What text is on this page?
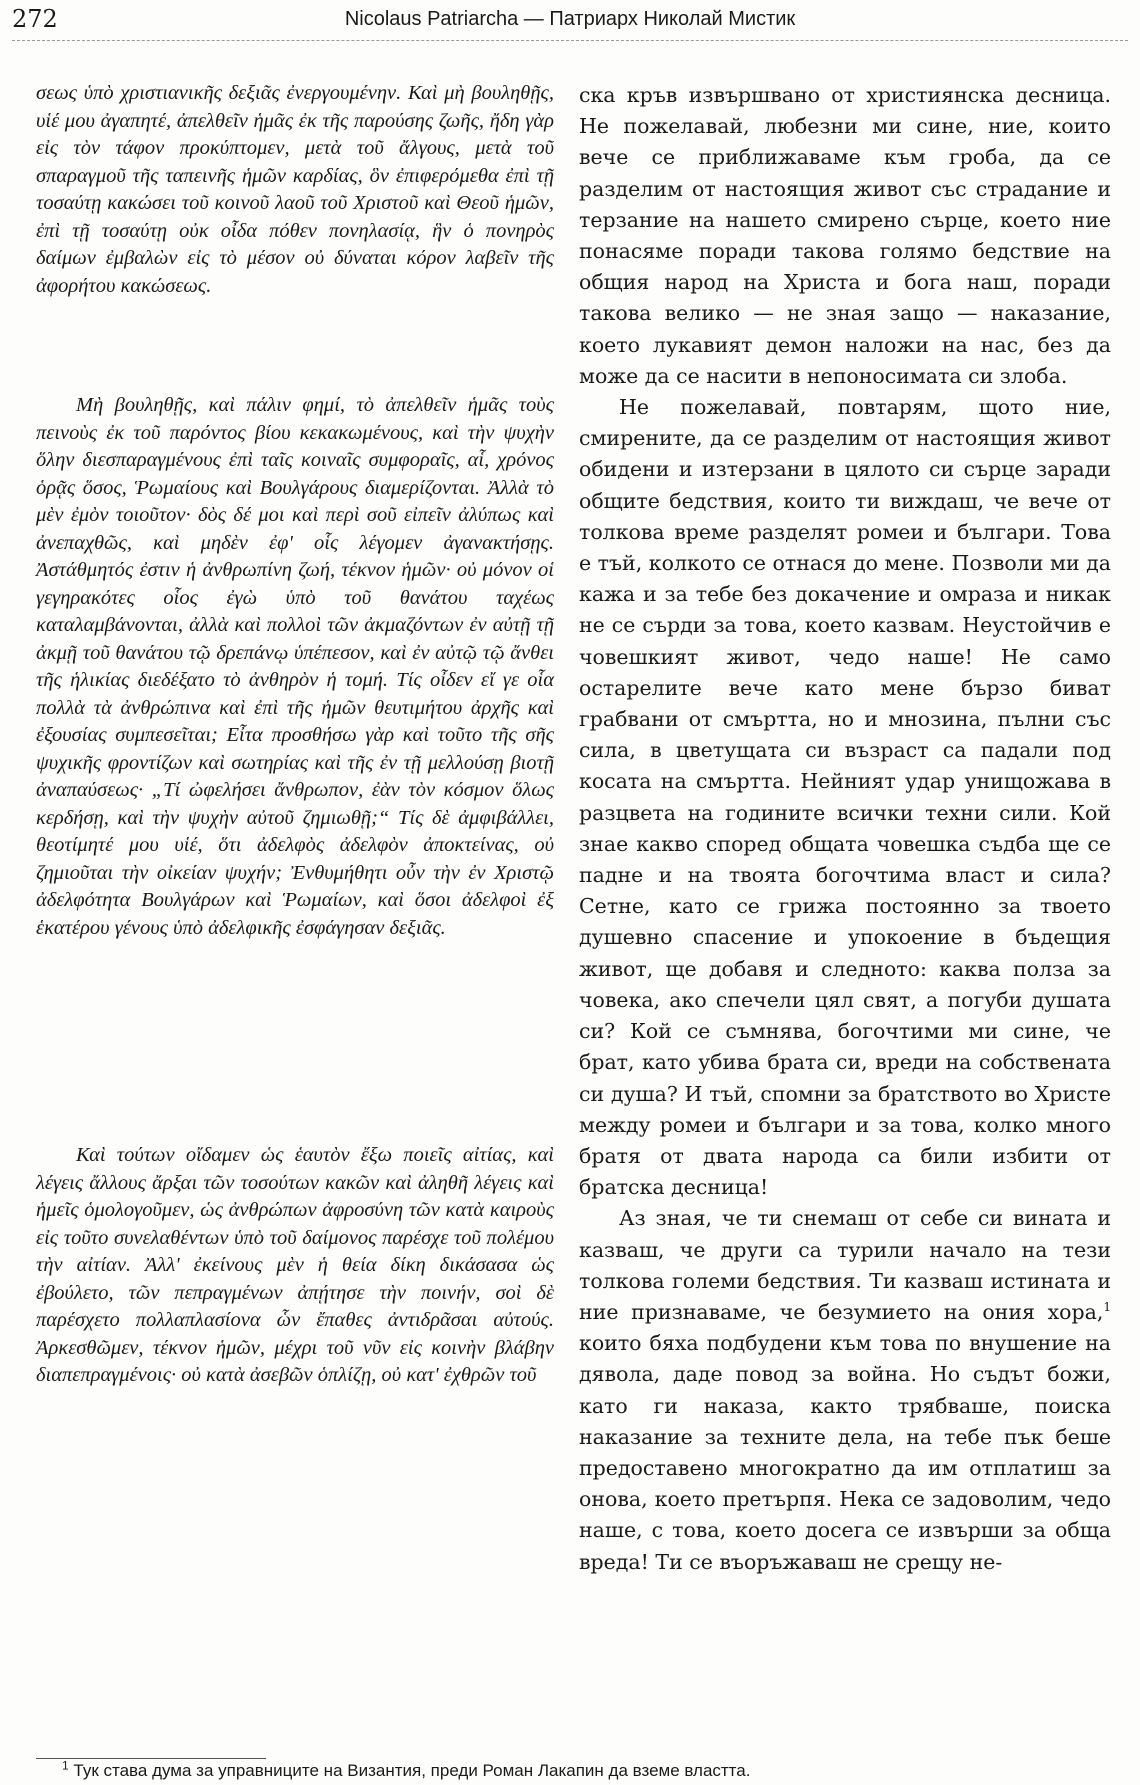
272	Nicolaus Patriarcha — Патриарх Николай Мистик

σεως ὑπὸ χριστιανικῆς δεξιᾶς ἐνεργουμένην. Καὶ μὴ βουληθῇς, υἱέ μου ἀγαπητέ, ἀπελθεῖν ἡμᾶς ἐκ τῆς παρούσης ζωῆς, ἤδη γὰρ εἰς τὸν τάφον προκύπτομεν, μετὰ τοῦ ἄλγους, μετὰ τοῦ σπαραγμοῦ τῆς ταπεινῆς ἡμῶν καρδίας, ὃν ἐπιφερόμεθα ἐπὶ τῇ τοσαύτῃ κακώσει τοῦ κοινοῦ λαοῦ τοῦ Χριστοῦ καὶ Θεοῦ ἡμῶν, ἐπὶ τῇ τοσαύτῃ οὐκ οἶδα πόθεν πονηλασίᾳ, ἣν ὁ πονηρὸς δαίμων ἐμβαλὼν εἰς τὸ μέσον οὐ δύναται κόρον λαβεῖν τῆς ἀφορήτου κακώσεως.

Μὴ βουληθῇς, καὶ πάλιν φημί, τὸ ἀπελθεῖν ἡμᾶς τοὺς πεινοὺς ἐκ τοῦ παρόντος βίου κεκακωμένους, καὶ τὴν ψυχὴν ὅλην διεσπαραγμένους ἐπὶ ταῖς κοιναῖς συμφοραῖς, αἷ, χρόνος ὁρᾷς ὅσος, Ῥωμαίους καὶ Βουλγάρους διαμερίζονται. Ἀλλὰ τὸ μὲν ἐμὸν τοιοῦτον· δὸς δέ μοι καὶ περὶ σοῦ εἰπεῖν ἀλύπως καὶ ἀνεπαχθῶς, καὶ μηδὲν ἐφ' οἷς λέγομεν ἀγανακτήσῃς. Ἀστάθμητός ἐστιν ἡ ἀνθρωπίνη ζωή, τέκνον ἡμῶν· οὐ μόνον οἱ γεγηρακότες οἷος ἐγὼ ὑπὸ τοῦ θανάτου ταχέως καταλαμβάνονται, ἀλλὰ καὶ πολλοὶ τῶν ἀκμαζόντων ἐν αὐτῇ τῇ ἀκμῇ τοῦ θανάτου τῷ δρεπάνῳ ὑπέπεσον, καὶ ἐν αὐτῷ τῷ ἄνθει τῆς ἡλικίας διεδέξατο τὸ ἀνθηρὸν ἡ τομή. Τίς οἶδεν εἴ γε οἷα πολλὰ τὰ ἀνθρώπινα καὶ ἐπὶ τῆς ἡμῶν θευτιμήτου ἀρχῆς καὶ ἐξουσίας συμπεσεῖται; Εἶτα προσθήσω γὰρ καὶ τοῦτο τῆς σῆς ψυχικῆς φροντίζων καὶ σωτηρίας καὶ τῆς ἐν τῇ μελλούσῃ βιοτῇ ἀναπαύσεως· „Τί ὠφελήσει ἄνθρωπον, ἐὰν τὸν κόσμον ὅλως κερδήσῃ, καὶ τὴν ψυχὴν αὐτοῦ ζημιωθῇ;“ Τίς δὲ ἀμφιβάλλει, θεοτίμητέ μου υἱέ, ὅτι ἀδελφὸς ἀδελφὸν ἀποκτείνας, οὐ ζημιοῦται τὴν οἰκείαν ψυχήν; Ἐνθυμήθητι οὖν τὴν ἐν Χριστῷ ἀδελφότητα Βουλγάρων καὶ Ῥωμαίων, καὶ ὅσοι ἀδελφοὶ ἐξ ἑκατέρου γένους ὑπὸ ἀδελφικῆς ἐσφάγησαν δεξιᾶς.

Καὶ τούτων οἴδαμεν ὡς ἑαυτὸν ἔξω ποιεῖς αἰτίας, καὶ λέγεις ἄλλους ἄρξαι τῶν τοσούτων κακῶν καὶ ἀληθῆ λέγεις καὶ ἡμεῖς ὁμολογοῦμεν, ὡς ἀνθρώπων ἀφροσύνη τῶν κατὰ καιροὺς εἰς τοῦτο συνελαθέντων ὑπὸ τοῦ δαίμονος παρέσχε τοῦ πολέμου τὴν αἰτίαν. Ἀλλ' ἐκείνους μὲν ἡ θεία δίκη δικάσασα ὡς ἐβούλετο, τῶν πεπραγμένων ἀπῄτησε τὴν ποινήν, σοὶ δὲ παρέσχετο πολλαπλασίονα ὧν ἔπαθες ἀντιδρᾶσαι αὐτούς. Ἀρκεσθῶμεν, τέκνον ἡμῶν, μέχρι τοῦ νῦν εἰς κοινὴν βλάβην διαπεπραγμένοις· οὐ κατὰ ἀσεβῶν ὁπλίζῃ, οὐ κατ' ἐχθρῶν τοῦ

ска кръв извършвано от християнска десница. Не пожелавай, любезни ми сине, ние, които вече се приближаваме към гроба, да се разделим от настоящия живот със страдание и терзание на нашето смирено сърце, което ние понасяме поради такова голямо бедствие на общия народ на Христа и бога наш, поради такова велико — не зная защо — наказание, което лукавият демон наложи на нас, без да може да се насити в непоносимата си злоба.

Не пожелавай, повтарям, щото ние, смирените, да се разделим от настоящия живот обидени и изтерзани в цялото си сърце заради общите бедствия, които ти виждаш, че вече от толкова време разделят ромеи и българи. Това е тъй, колкото се отнася до мене. Позволи ми да кажа и за тебе без докачение и омраза и никак не се сърди за това, което казвам. Неустойчив е човешкият живот, чедо наше! Не само остарелите вече като мене бързо биват грабвани от смъртта, но и мнозина, пълни със сила, в цветущата си възраст са падали под косата на смъртта. Нейният удар унищожава в разцвета на годините всички техни сили. Кой знае какво според общата човешка съдба ще се падне и на твоята богочтима власт и сила? Сетне, като се грижа постоянно за твоето душевно спасение и упокоение в бъдещия живот, ще добавя и следното: каква полза за човека, ако спечели цял свят, а погуби душата си? Кой се съмнява, богочтими ми сине, че брат, като убива брата си, вреди на собствената си душа? И тъй, спомни за братството во Христе между ромеи и българи и за това, колко много братя от двата народа са били избити от братска десница!

Аз зная, че ти снемаш от себе си вината и казваш, че други са турили начало на тези толкова големи бедствия. Ти казваш истината и ние признаваме, че безумието на ония хора,$^1$ които бяха подбудени към това по внушение на дявола, даде повод за война. Но съдът божи, като ги наказа, както трябваше, поиска наказание за техните дела, на тебе пък беше предоставено многократно да им отплатиш за онова, което претърпя. Нека се задоволим, чедо наше, с това, което досега се извърши за обща вреда! Ти се въоръжаваш не срещу не-

$^1$ Тук става дума за управниците на Византия, преди Роман Лакапин да вземе властта.
